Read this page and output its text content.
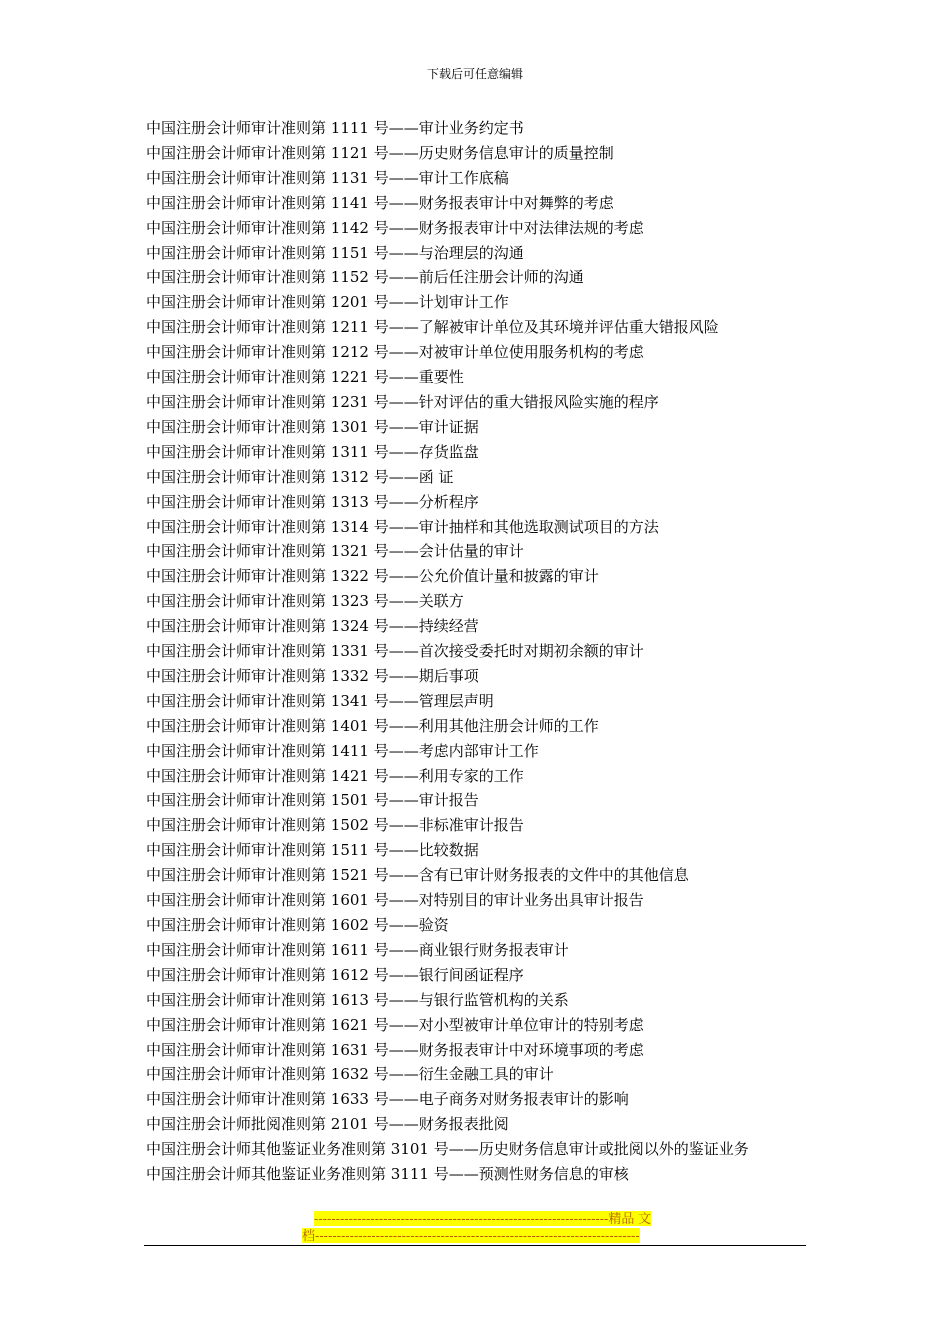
下载后可任意编辑
中国注册会计师审计准则第 1111 号——审计业务约定书
中国注册会计师审计准则第 1121 号——历史财务信息审计的质量控制
中国注册会计师审计准则第 1131 号——审计工作底稿
中国注册会计师审计准则第 1141 号——财务报表审计中对舞弊的考虑
中国注册会计师审计准则第 1142 号——财务报表审计中对法律法规的考虑
中国注册会计师审计准则第 1151 号——与治理层的沟通
中国注册会计师审计准则第 1152 号——前后任注册会计师的沟通
中国注册会计师审计准则第 1201 号——计划审计工作
中国注册会计师审计准则第 1211 号——了解被审计单位及其环境并评估重大错报风险
中国注册会计师审计准则第 1212 号——对被审计单位使用服务机构的考虑
中国注册会计师审计准则第 1221 号——重要性
中国注册会计师审计准则第 1231 号——针对评估的重大错报风险实施的程序
中国注册会计师审计准则第 1301 号——审计证据
中国注册会计师审计准则第 1311 号——存货监盘
中国注册会计师审计准则第 1312 号——函 证
中国注册会计师审计准则第 1313 号——分析程序
中国注册会计师审计准则第 1314 号——审计抽样和其他选取测试项目的方法
中国注册会计师审计准则第 1321 号——会计估量的审计
中国注册会计师审计准则第 1322 号——公允价值计量和披露的审计
中国注册会计师审计准则第 1323 号——关联方
中国注册会计师审计准则第 1324 号——持续经营
中国注册会计师审计准则第 1331 号——首次接受委托时对期初余额的审计
中国注册会计师审计准则第 1332 号——期后事项
中国注册会计师审计准则第 1341 号——管理层声明
中国注册会计师审计准则第 1401 号——利用其他注册会计师的工作
中国注册会计师审计准则第 1411 号——考虑内部审计工作
中国注册会计师审计准则第 1421 号——利用专家的工作
中国注册会计师审计准则第 1501 号——审计报告
中国注册会计师审计准则第 1502 号——非标准审计报告
中国注册会计师审计准则第 1511 号——比较数据
中国注册会计师审计准则第 1521 号——含有已审计财务报表的文件中的其他信息
中国注册会计师审计准则第 1601 号——对特别目的审计业务出具审计报告
中国注册会计师审计准则第 1602 号——验资
中国注册会计师审计准则第 1611 号——商业银行财务报表审计
中国注册会计师审计准则第 1612 号——银行间函证程序
中国注册会计师审计准则第 1613 号——与银行监管机构的关系
中国注册会计师审计准则第 1621 号——对小型被审计单位审计的特别考虑
中国注册会计师审计准则第 1631 号——财务报表审计中对环境事项的考虑
中国注册会计师审计准则第 1632 号——衍生金融工具的审计
中国注册会计师审计准则第 1633 号——电子商务对财务报表审计的影响
中国注册会计师批阅准则第 2101 号——财务报表批阅
中国注册会计师其他鉴证业务准则第 3101 号——历史财务信息审计或批阅以外的鉴证业务
中国注册会计师其他鉴证业务准则第 3111 号——预测性财务信息的审核
--------------------------------------------------------------------精品 文
档---------------------------------------------------------------------------
